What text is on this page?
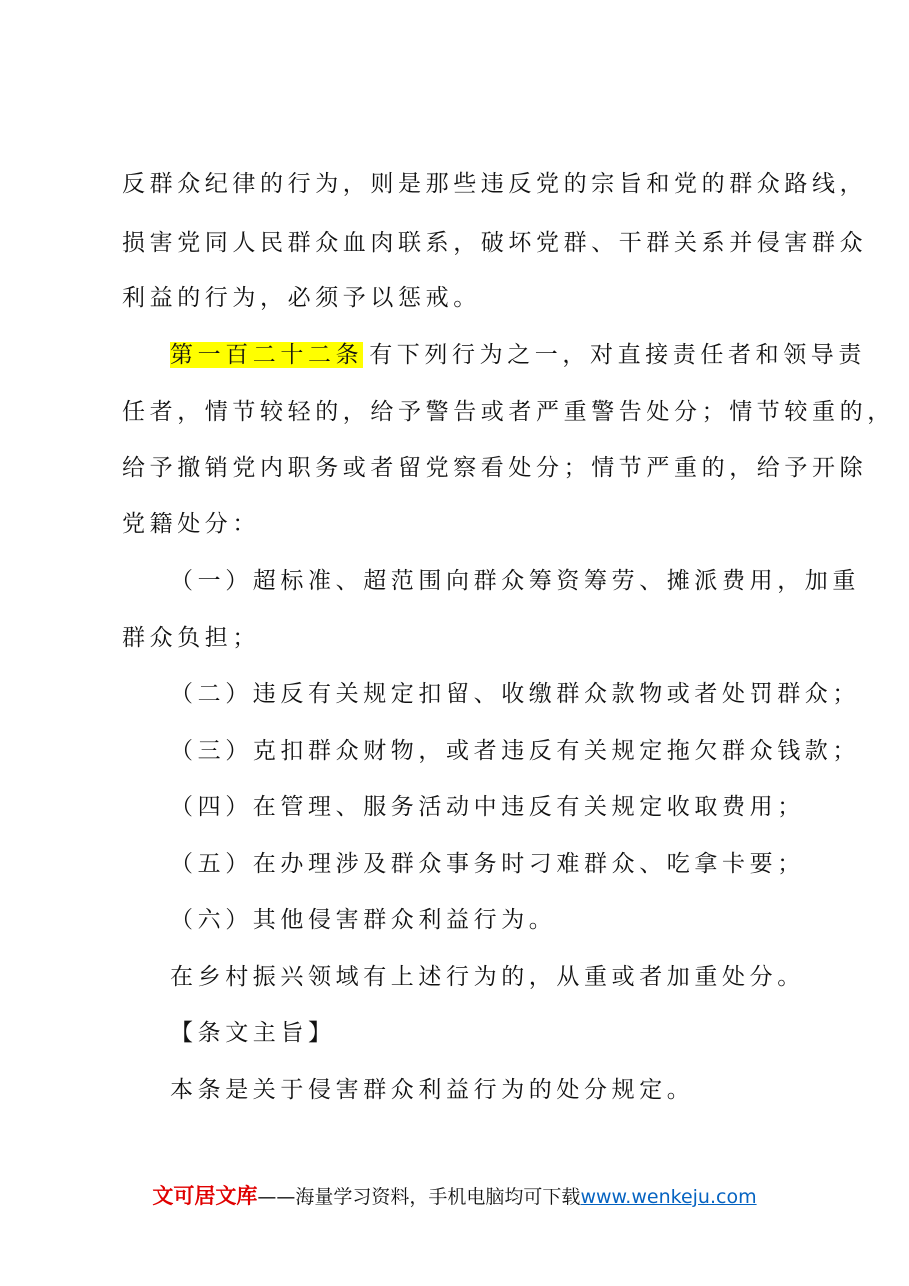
反群众纪律的行为，则是那些违反党的宗旨和党的群众路线，
损害党同人民群众血肉联系，破坏党群、干群关系并侵害群众
利益的行为，必须予以惩戒。
第一百二十二条 有下列行为之一，对直接责任者和领导责
任者，情节较轻的，给予警告或者严重警告处分；情节较重的，
给予撤销党内职务或者留党察看处分；情节严重的，给予开除
党籍处分：
（一）超标准、超范围向群众筹资筹劳、摊派费用，加重
群众负担；
（二）违反有关规定扣留、收缴群众款物或者处罚群众；
（三）克扣群众财物，或者违反有关规定拖欠群众钱款；
（四）在管理、服务活动中违反有关规定收取费用；
（五）在办理涉及群众事务时刁难群众、吃拿卡要；
（六）其他侵害群众利益行为。
在乡村振兴领域有上述行为的，从重或者加重处分。
【条文主旨】
本条是关于侵害群众利益行为的处分规定。
文可居文库——海量学习资料，手机电脑均可下载www.wenkeju.com
